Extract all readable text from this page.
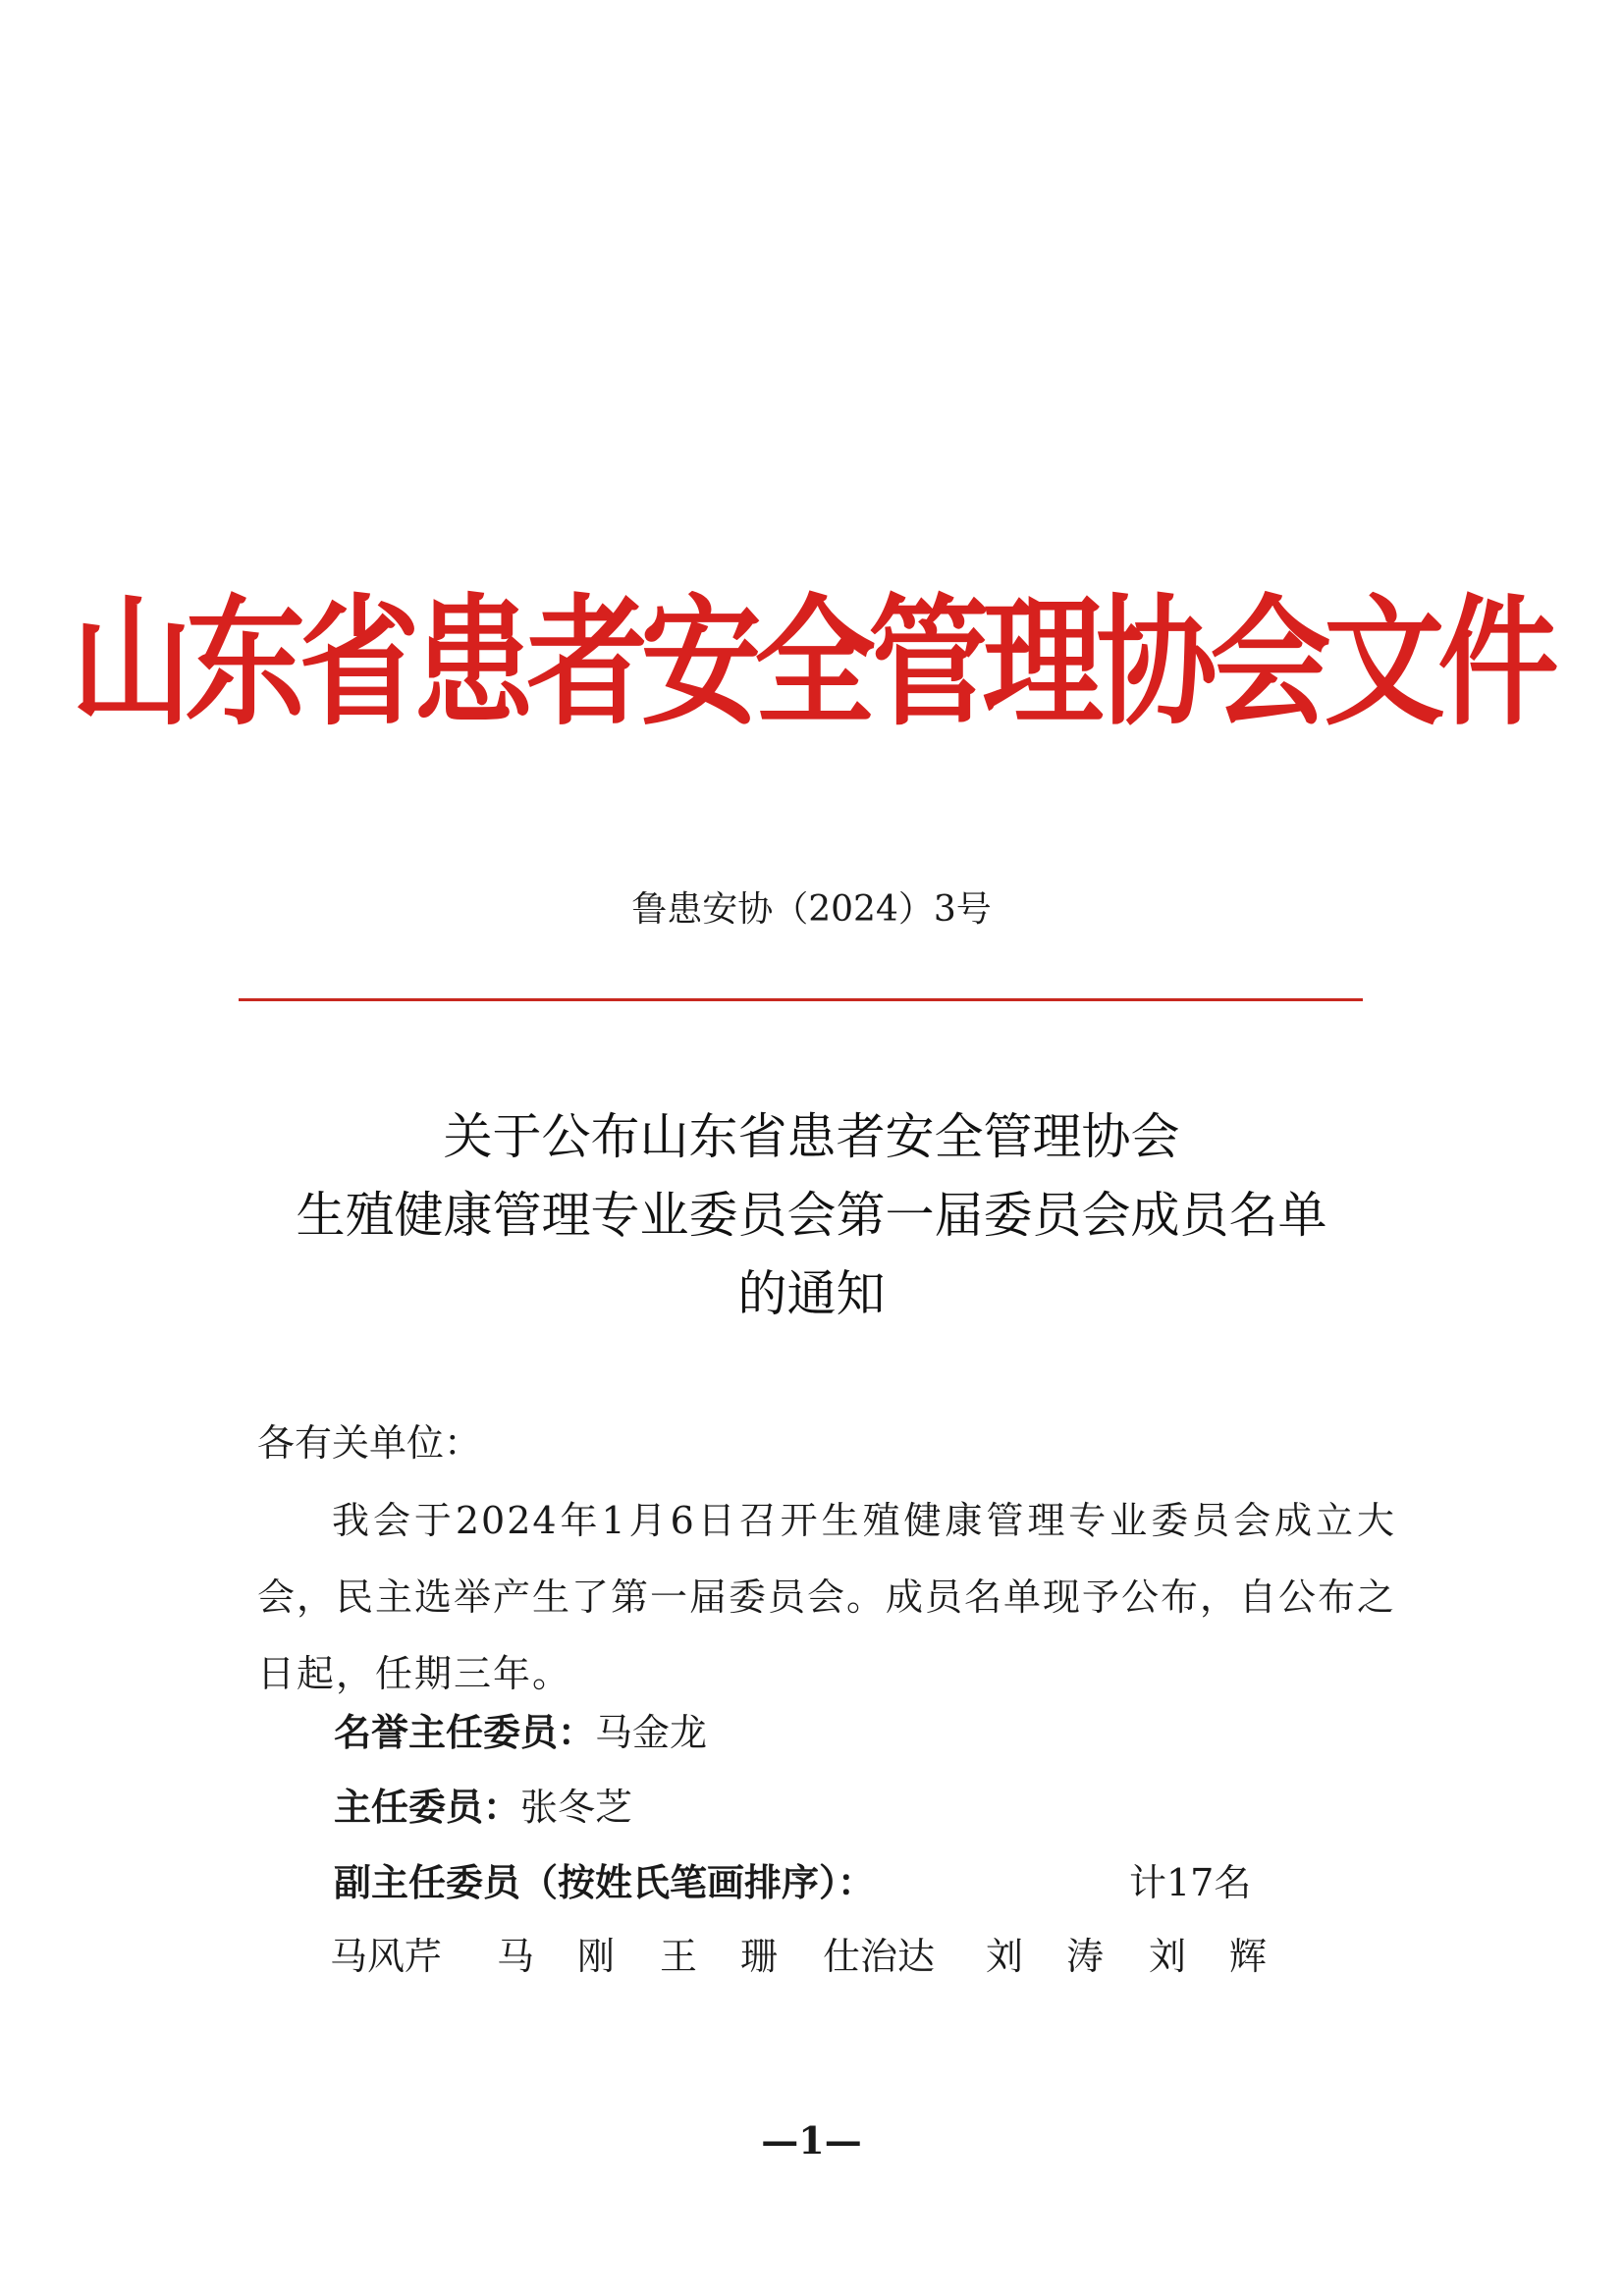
山东省患者安全管理协会文件
鲁患安协（2024）3号
关于公布山东省患者安全管理协会
生殖健康管理专业委员会第一届委员会成员名单
的通知
各有关单位：
我会于2024年1月6日召开生殖健康管理专业委员会成立大会，民主选举产生了第一届委员会。成员名单现予公布，自公布之日起，任期三年。
名誉主任委员：马金龙
主任委员：张冬芝
副主任委员（按姓氏笔画排序）：	计17名
马风芹 马刚 王珊 仕治达 刘涛 刘辉
—1—
